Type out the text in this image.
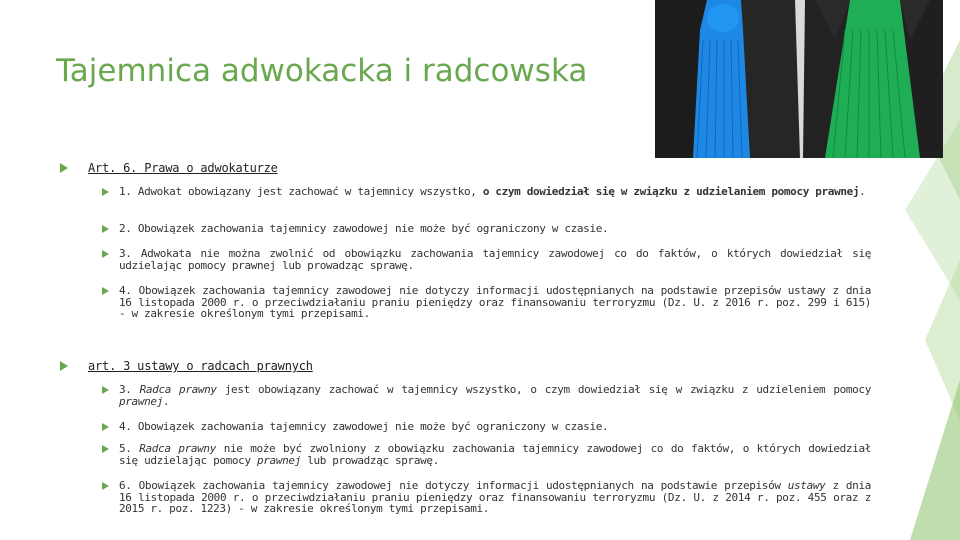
Tajemnica adwokacka i radcowska
Art. 6. Prawa o adwokaturze
1. Adwokat obowiązany jest zachować w tajemnicy wszystko, o czym dowiedział się w związku z udzielaniem pomocy prawnej.
2. Obowiązek zachowania tajemnicy zawodowej nie może być ograniczony w czasie.
3. Adwokata nie można zwolnić od obowiązku zachowania tajemnicy zawodowej co do faktów, o których dowiedział się udzielając pomocy prawnej lub prowadząc sprawę.
4. Obowiązek zachowania tajemnicy zawodowej nie dotyczy informacji udostępnianych na podstawie przepisów ustawy z dnia 16 listopada 2000 r. o przeciwdziałaniu praniu pieniędzy oraz finansowaniu terroryzmu (Dz. U. z 2016 r. poz. 299 i 615) - w zakresie określonym tymi przepisami.
art. 3 ustawy o radcach prawnych
3. Radca prawny jest obowiązany zachować w tajemnicy wszystko, o czym dowiedział się w związku z udzieleniem pomocy prawnej.
4. Obowiązek zachowania tajemnicy zawodowej nie może być ograniczony w czasie.
5. Radca prawny nie może być zwolniony z obowiązku zachowania tajemnicy zawodowej co do faktów, o których dowiedział się udzielając pomocy prawnej lub prowadząc sprawę.
6. Obowiązek zachowania tajemnicy zawodowej nie dotyczy informacji udostępnianych na podstawie przepisów ustawy z dnia 16 listopada 2000 r. o przeciwdziałaniu praniu pieniędzy oraz finansowaniu terroryzmu (Dz. U. z 2014 r. poz. 455 oraz z 2015 r. poz. 1223) - w zakresie określonym tymi przepisami.
